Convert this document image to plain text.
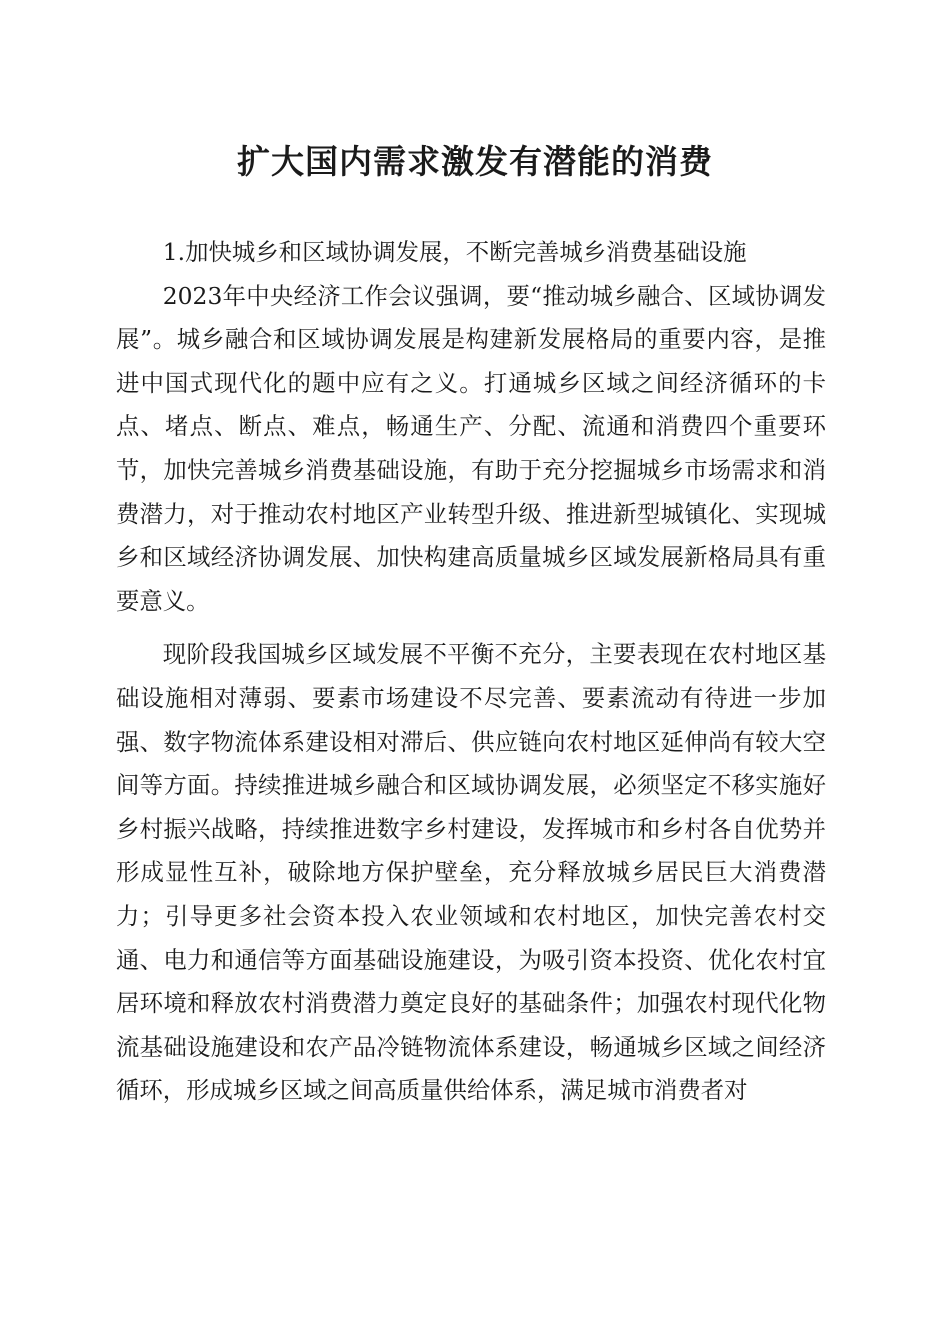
扩大国内需求激发有潜能的消费

1.加快城乡和区域协调发展，不断完善城乡消费基础设施

2023年中央经济工作会议强调，要“推动城乡融合、区域协调发展”。城乡融合和区域协调发展是构建新发展格局的重要内容，是推进中国式现代化的题中应有之义。打通城乡区域之间经济循环的卡点、堵点、断点、难点，畅通生产、分配、流通和消费四个重要环节，加快完善城乡消费基础设施，有助于充分挖掘城乡市场需求和消费潜力，对于推动农村地区产业转型升级、推进新型城镇化、实现城乡和区域经济协调发展、加快构建高质量城乡区域发展新格局具有重要意义。

现阶段我国城乡区域发展不平衡不充分，主要表现在农村地区基础设施相对薄弱、要素市场建设不尽完善、要素流动有待进一步加强、数字物流体系建设相对滞后、供应链向农村地区延伸尚有较大空间等方面。持续推进城乡融合和区域协调发展，必须坚定不移实施好乡村振兴战略，持续推进数字乡村建设，发挥城市和乡村各自优势并形成显性互补，破除地方保护壁垒，充分释放城乡居民巨大消费潜力；引导更多社会资本投入农业领域和农村地区，加快完善农村交通、电力和通信等方面基础设施建设，为吸引资本投资、优化农村宜居环境和释放农村消费潜力奠定良好的基础条件；加强农村现代化物流基础设施建设和农产品冷链物流体系建设，畅通城乡区域之间经济循环，形成城乡区域之间高质量供给体系，满足城市消费者对
